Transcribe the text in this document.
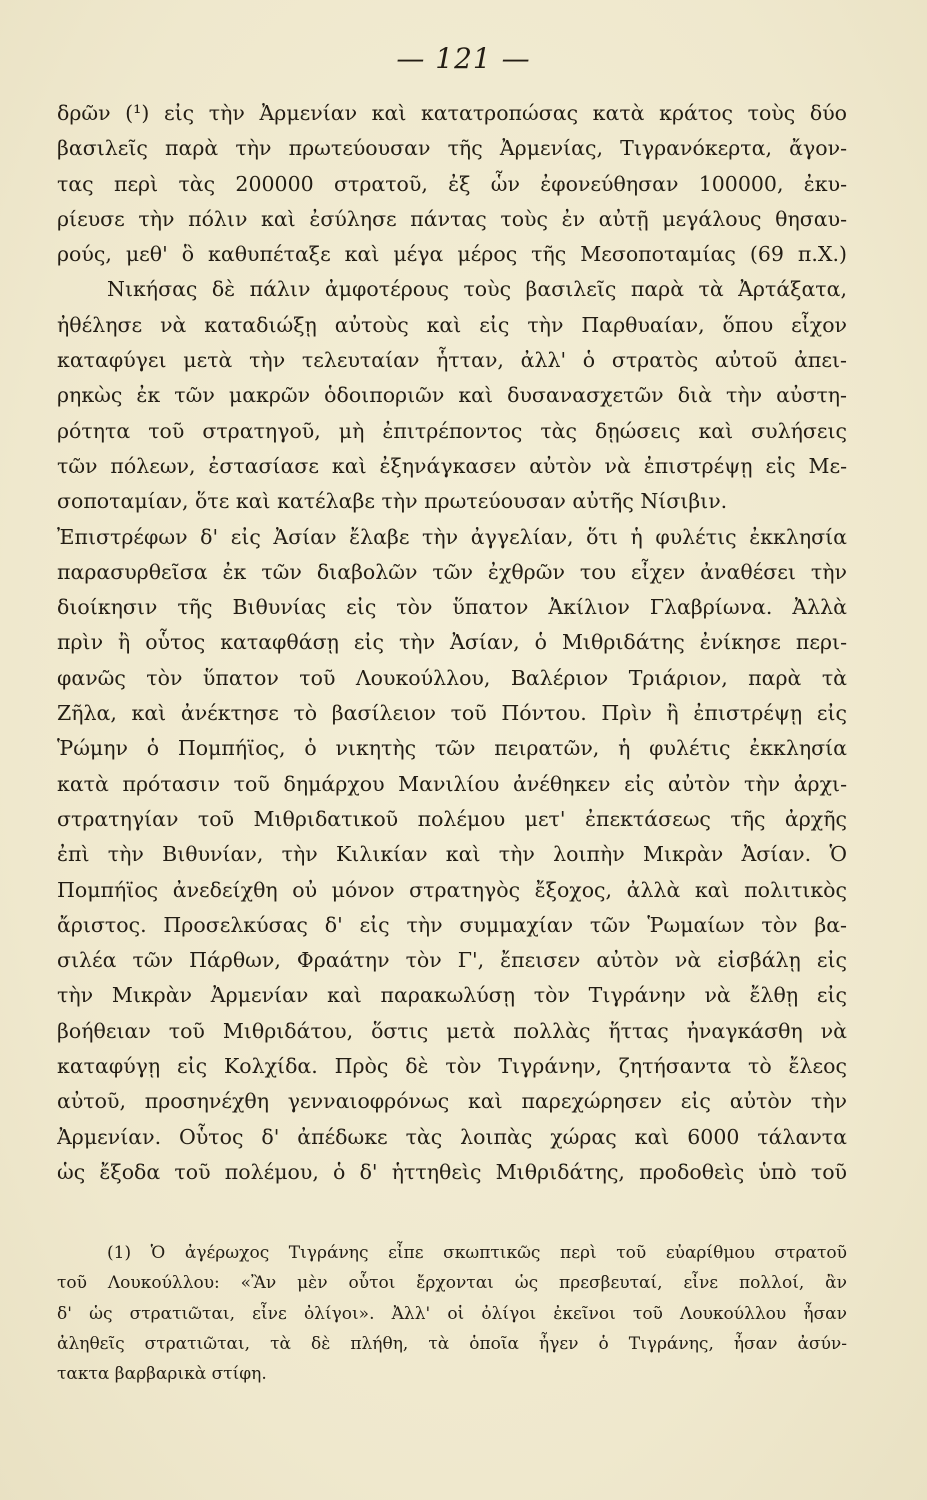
— 121 —
δρῶν (¹) εἰς τὴν Ἀρμενίαν καὶ κατατροπώσας κατὰ κράτος τοὺς δύο
βασιλεῖς παρὰ τὴν πρωτεύουσαν τῆς Ἀρμενίας, Τιγρανόκερτα, ἄγον-
τας περὶ τὰς 200000 στρατοῦ, ἐξ ὧν ἐφονεύθησαν 100000, ἐκυ-
ρίευσε τὴν πόλιν καὶ ἐσύλησε πάντας τοὺς ἐν αὐτῇ μεγάλους θησαυ-
ρούς, μεθ' ὃ καθυπέταξε καὶ μέγα μέρος τῆς Μεσοποταμίας (69 π.Χ.)
Νικήσας δὲ πάλιν ἀμφοτέρους τοὺς βασιλεῖς παρὰ τὰ Ἀρτάξατα,
ἠθέλησε νὰ καταδιώξῃ αὐτοὺς καὶ εἰς τὴν Παρθυαίαν, ὅπου εἶχον
καταφύγει μετὰ τὴν τελευταίαν ἧτταν, ἀλλ' ὁ στρατὸς αὐτοῦ ἀπει-
ρηκὼς ἐκ τῶν μακρῶν ὁδοιποριῶν καὶ δυσανασχετῶν διὰ τὴν αὐστη-
ρότητα τοῦ στρατηγοῦ, μὴ ἐπιτρέποντος τὰς δῃώσεις καὶ συλήσεις
τῶν πόλεων, ἐστασίασε καὶ ἐξηνάγκασεν αὐτὸν νὰ ἐπιστρέψῃ εἰς Με-
σοποταμίαν, ὅτε καὶ κατέλαβε τὴν πρωτεύουσαν αὐτῆς Νίσιβιν.
Ἐπιστρέφων δ' εἰς Ἀσίαν ἔλαβε τὴν ἀγγελίαν, ὅτι ἡ φυλέτις ἐκκλησία
παρασυρθεῖσα ἐκ τῶν διαβολῶν τῶν ἐχθρῶν του εἶχεν ἀναθέσει τὴν
διοίκησιν τῆς Βιθυνίας εἰς τὸν ὕπατον Ἀκίλιον Γλαβρίωνα. Ἀλλὰ
πρὶν ἢ οὗτος καταφθάσῃ εἰς τὴν Ἀσίαν, ὁ Μιθριδάτης ἐνίκησε περι-
φανῶς τὸν ὕπατον τοῦ Λουκούλλου, Βαλέριον Τριάριον, παρὰ τὰ
Ζῆλα, καὶ ἀνέκτησε τὸ βασίλειον τοῦ Πόντου. Πρὶν ἢ ἐπιστρέψῃ εἰς
Ῥώμην ὁ Πομπήϊος, ὁ νικητὴς τῶν πειρατῶν, ἡ φυλέτις ἐκκλησία
κατὰ πρότασιν τοῦ δημάρχου Μανιλίου ἀνέθηκεν εἰς αὐτὸν τὴν ἀρχι-
στρατηγίαν τοῦ Μιθριδατικοῦ πολέμου μετ' ἐπεκτάσεως τῆς ἀρχῆς
ἐπὶ τὴν Βιθυνίαν, τὴν Κιλικίαν καὶ τὴν λοιπὴν Μικρὰν Ἀσίαν. Ὁ
Πομπήϊος ἀνεδείχθη οὐ μόνον στρατηγὸς ἔξοχος, ἀλλὰ καὶ πολιτικὸς
ἄριστος. Προσελκύσας δ' εἰς τὴν συμμαχίαν τῶν Ῥωμαίων τὸν βα-
σιλέα τῶν Πάρθων, Φραάτην τὸν Γ', ἔπεισεν αὐτὸν νὰ εἰσβάλῃ εἰς
τὴν Μικρὰν Ἀρμενίαν καὶ παρακωλύσῃ τὸν Τιγράνην νὰ ἔλθῃ εἰς
βοήθειαν τοῦ Μιθριδάτου, ὅστις μετὰ πολλὰς ἥττας ἠναγκάσθη νὰ
καταφύγῃ εἰς Κολχίδα. Πρὸς δὲ τὸν Τιγράνην, ζητήσαντα τὸ ἔλεος
αὐτοῦ, προσηνέχθη γενναιοφρόνως καὶ παρεχώρησεν εἰς αὐτὸν τὴν
Ἀρμενίαν. Οὗτος δ' ἀπέδωκε τὰς λοιπὰς χώρας καὶ 6000 τάλαντα
ὡς ἔξοδα τοῦ πολέμου, ὁ δ' ἡττηθεὶς Μιθριδάτης, προδοθεὶς ὑπὸ τοῦ
(1) Ὁ ἀγέρωχος Τιγράνης εἶπε σκωπτικῶς περὶ τοῦ εὐαρίθμου στρατοῦ
τοῦ Λουκούλλου: «Ἂν μὲν οὗτοι ἔρχονται ὡς πρεσβευταί, εἶνε πολλοί, ἂν
δ' ὡς στρατιῶται, εἶνε ὀλίγοι». Ἀλλ' οἱ ὀλίγοι ἐκεῖνοι τοῦ Λουκούλλου ἦσαν
ἀληθεῖς στρατιῶται, τὰ δὲ πλήθη, τὰ ὁποῖα ἦγεν ὁ Τιγράνης, ἦσαν ἀσύν-
τακτα βαρβαρικὰ στίφη.
